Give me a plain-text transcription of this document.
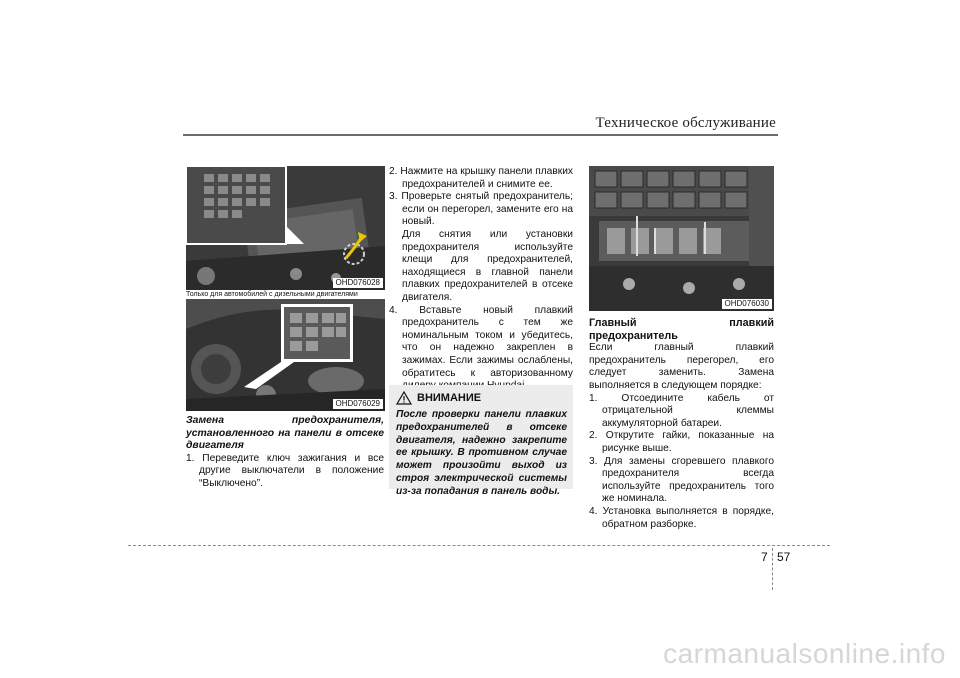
Техническое обслуживание
OHD076028
Только для автомобилей с дизельными двигателями
OHD076029

Замена предохранителя, установленного на панели в отсеке двигателя

1. Переведите ключ зажигания и все другие выключатели в положение “Выключено”.

2. Нажмите на крышку панели плавких предохранителей и снимите ее.

3. Проверьте снятый предохранитель; если он перегорел, замените его на новый.

Для снятия или установки предохранителя используйте клещи для предохранителей, находящиеся в главной панели плавких предохранителей в отсеке двигателя.

4. Вставьте новый плавкий предохранитель с тем же номинальным током и убедитесь, что он надежно закреплен в зажимах. Если зажимы ослаблены, обратитесь к авторизованному

ВНИМАНИЕ

После проверки панели плавких предохранителей в отсеке двигателя, надежно закрепите ее крышку. В противном случае может произойти выход из строя электрической системы из-за попадания в панель воды.

OHD076030

Главный плавкий предохранитель

Если главный плавкий предохранитель перегорел, его следует заменить. Замена выполняется в следующем порядке:

1. Отсоедините кабель от отрицательной клеммы аккумуляторной батареи.

2. Открутите гайки, показанные на рисунке выше.

3. Для замены сгоревшего плавкого предохранителя всегда используйте предохранитель того же номинала.

4. Установка выполняется в порядке, обратном разборке.

7 57
carmanualsonline.info
